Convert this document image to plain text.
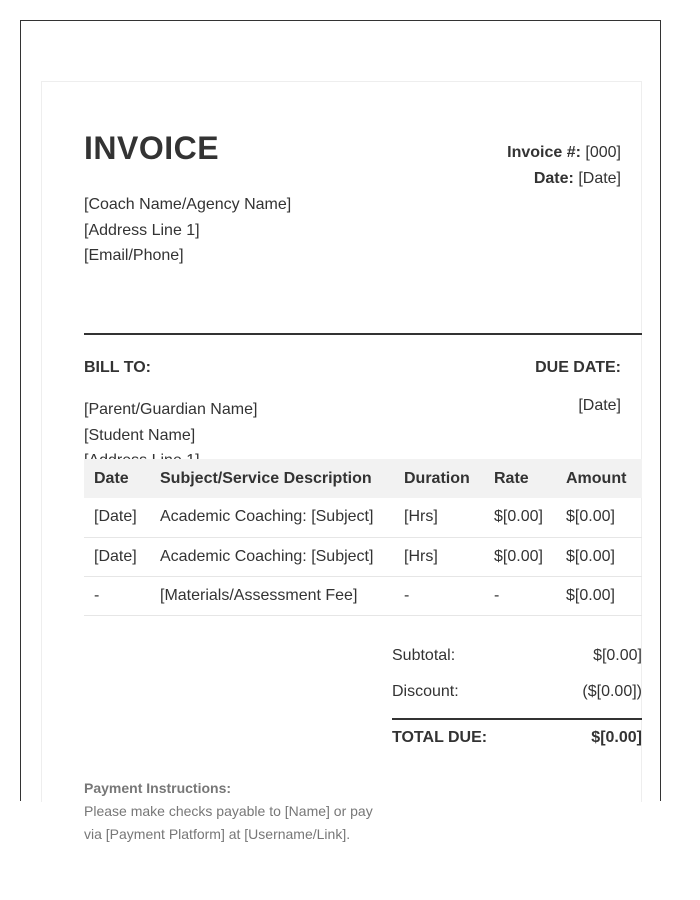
INVOICE
[Coach Name/Agency Name]
[Address Line 1]
[Email/Phone]
Invoice #: [000]
Date: [Date]
BILL TO:	DUE DATE:
[Parent/Guardian Name]
[Student Name]
[Date]
Date	Subject/Service Description	Duration	Rate	Amount
[Date]	Academic Coaching: [Subject]	[Hrs]	$[0.00]	$[0.00]
[Date]	Academic Coaching: [Subject]	[Hrs]	$[0.00]	$[0.00]
-	[Materials/Assessment Fee]	-	-	$[0.00]
Subtotal:	$[0.00]
Discount:	($[0.00])
TOTAL DUE:	$[0.00]
Payment Instructions:
Please make checks payable to [Name] or pay via [Payment Platform] at [Username/Link].
